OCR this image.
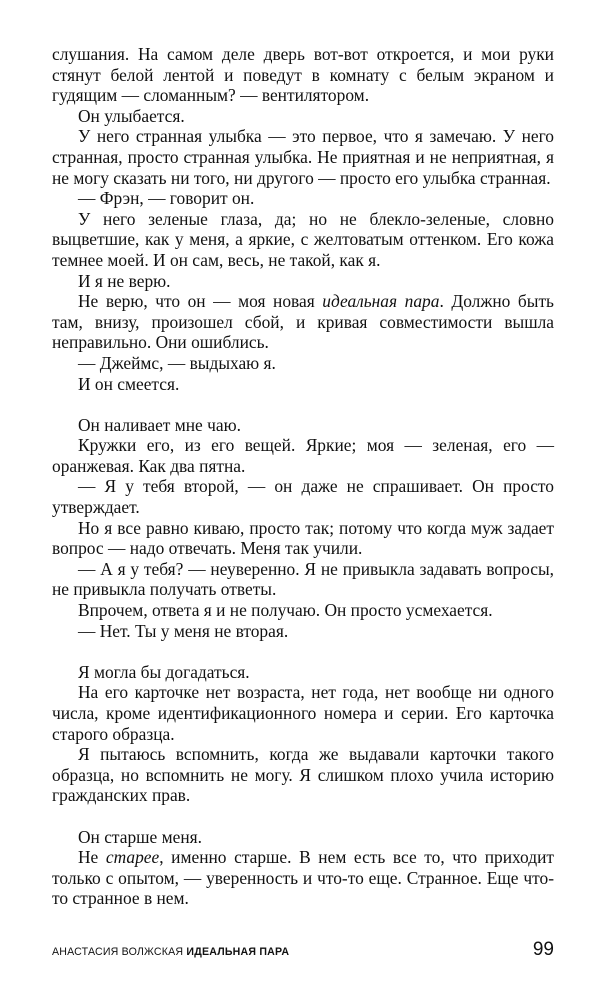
слушания. На самом деле дверь вот-вот откроется, и мои руки стянут белой лентой и поведут в комнату с белым экраном и гудящим — сломанным? — вентилятором.

Он улыбается.

У него странная улыбка — это первое, что я замечаю. У него странная, просто странная улыбка. Не приятная и не неприятная, я не могу сказать ни того, ни другого — просто его улыбка странная.

— Фрэн, — говорит он.

У него зеленые глаза, да; но не блекло-зеленые, словно выцветшие, как у меня, а яркие, с желтоватым оттенком. Его кожа темнее моей. И он сам, весь, не такой, как я.

И я не верю.

Не верю, что он — моя новая идеальная пара. Должно быть там, внизу, произошел сбой, и кривая совместимости вышла неправильно. Они ошиблись.

— Джеймс, — выдыхаю я.

И он смеется.

Он наливает мне чаю.

Кружки его, из его вещей. Яркие; моя — зеленая, его — оранжевая. Как два пятна.

— Я у тебя второй, — он даже не спрашивает. Он просто утверждает.

Но я все равно киваю, просто так; потому что когда муж задает вопрос — надо отвечать. Меня так учили.

— А я у тебя? — неуверенно. Я не привыкла задавать вопросы, не привыкла получать ответы.

Впрочем, ответа я и не получаю. Он просто усмехается.

— Нет. Ты у меня не вторая.

Я могла бы догадаться.

На его карточке нет возраста, нет года, нет вообще ни одного числа, кроме идентификационного номера и серии. Его карточка старого образца.

Я пытаюсь вспомнить, когда же выдавали карточки такого образца, но вспомнить не могу. Я слишком плохо учила историю гражданских прав.

Он старше меня.

Не старее, именно старше. В нем есть все то, что приходит только с опытом, — уверенность и что-то еще. Странное. Еще что-то странное в нем.

АНАСТАСИЯ ВОЛЖСКАЯ ИДЕАЛЬНАЯ ПАРА	99
